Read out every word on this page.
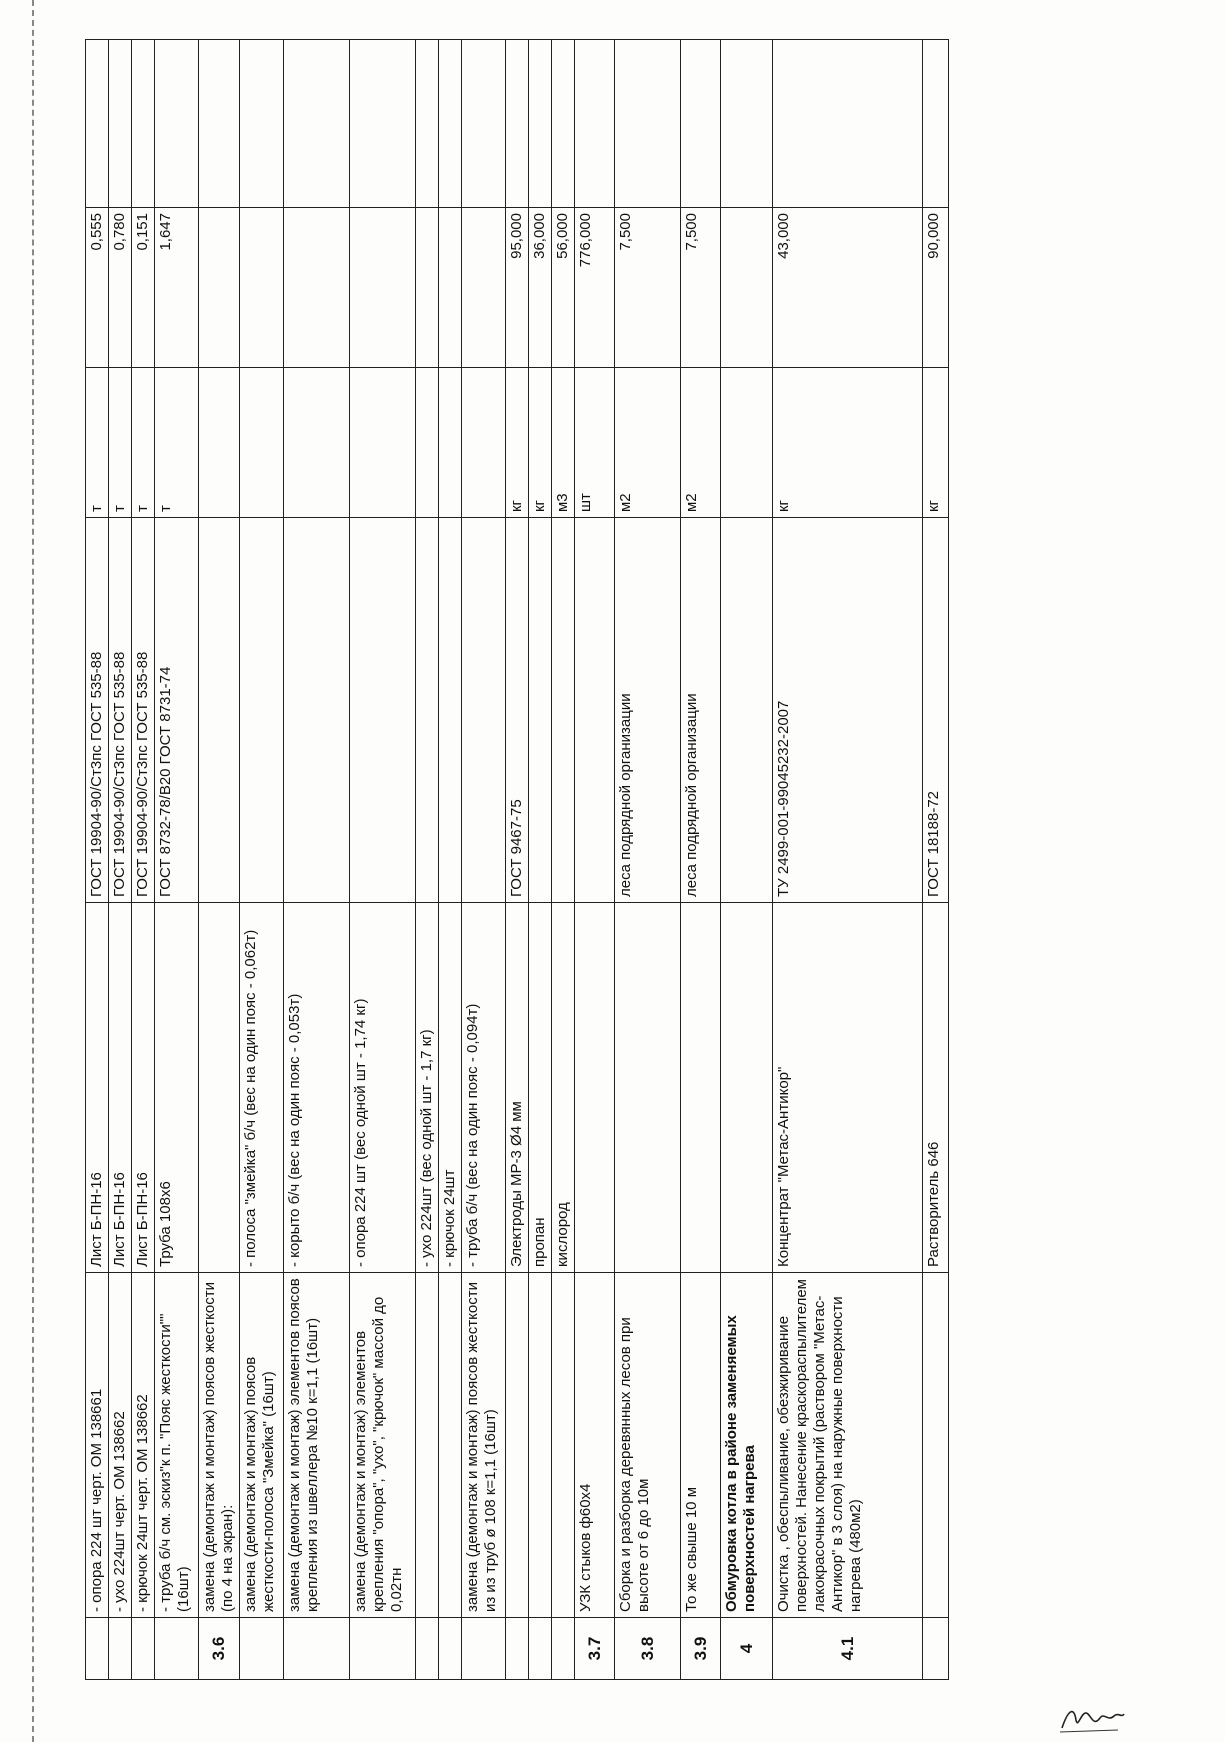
	- опора 224 шт черт. ОМ 138661	Лист Б-ПН-16	ГОСТ 19904-90/Ст3пс ГОСТ 535-88	т	0,555	
	- ухо 224шт черт. ОМ 138662	Лист Б-ПН-16	ГОСТ 19904-90/Ст3пс ГОСТ 535-88	т	0,780	
	- крючок 24шт черт. ОМ 138662	Лист Б-ПН-16	ГОСТ 19904-90/Ст3пс ГОСТ 535-88	т	0,151	
	- труба б/ч см. эскиз"к п. "Пояс жесткости"" (16шт)	Труба 108х6	ГОСТ 8732-78/В20 ГОСТ 8731-74	т	1,647	
3.6	замена (демонтаж и монтаж) поясов жесткости (по 4 на экран):					
	замена (демонтаж и монтаж) поясов жесткости-полоса "Змейка" (16шт)	- полоса "змейка" б/ч (вес на один пояс - 0,062т)				
	замена (демонтаж и монтаж) элементов поясов крепления из швеллера №10 к=1,1 (16шт)	- корыто б/ч (вес на один пояс - 0,053т)				
	замена (демонтаж и монтаж) элементов крепления "опора", "ухо", "крючок" массой до 0,02тн	- опора 224 шт (вес одной шт - 1,74 кг)				
		- ухо 224шт (вес одной шт - 1,7 кг)				
		- крючок 24шт				
	замена (демонтаж и монтаж) поясов жесткости из из труб ø 108 к=1,1 (16шт)	- труба б/ч (вес на один пояс - 0,094т)				
		Электроды МР-3 Ø4 мм	ГОСТ 9467-75	кг	95,000	
		пропан		кг	36,000	
		кислород		м3	56,000	
3.7	УЗК стыков ф60х4			шт	776,000	
3.8	Сборка и разборка деревянных лесов при высоте от 6 до 10м		леса подрядной организации	м2	7,500	
3.9	То же свыше 10 м		леса подрядной организации	м2	7,500	
4	Обмуровка котла в районе заменяемых поверхностей нагрева					
4.1	Очистка , обеспыливание, обезжиривание поверхностей. Нанесение краскораспылителем лакокрасочных покрытий (раствором "Метас-Антикор" в 3 слоя) на наружные поверхности нагрева (480м2)	Концентрат "Метас-Антикор"	ТУ 2499-001-99045232-2007	кг	43,000	
		Растворитель 646	ГОСТ 18188-72	кг	90,000	
